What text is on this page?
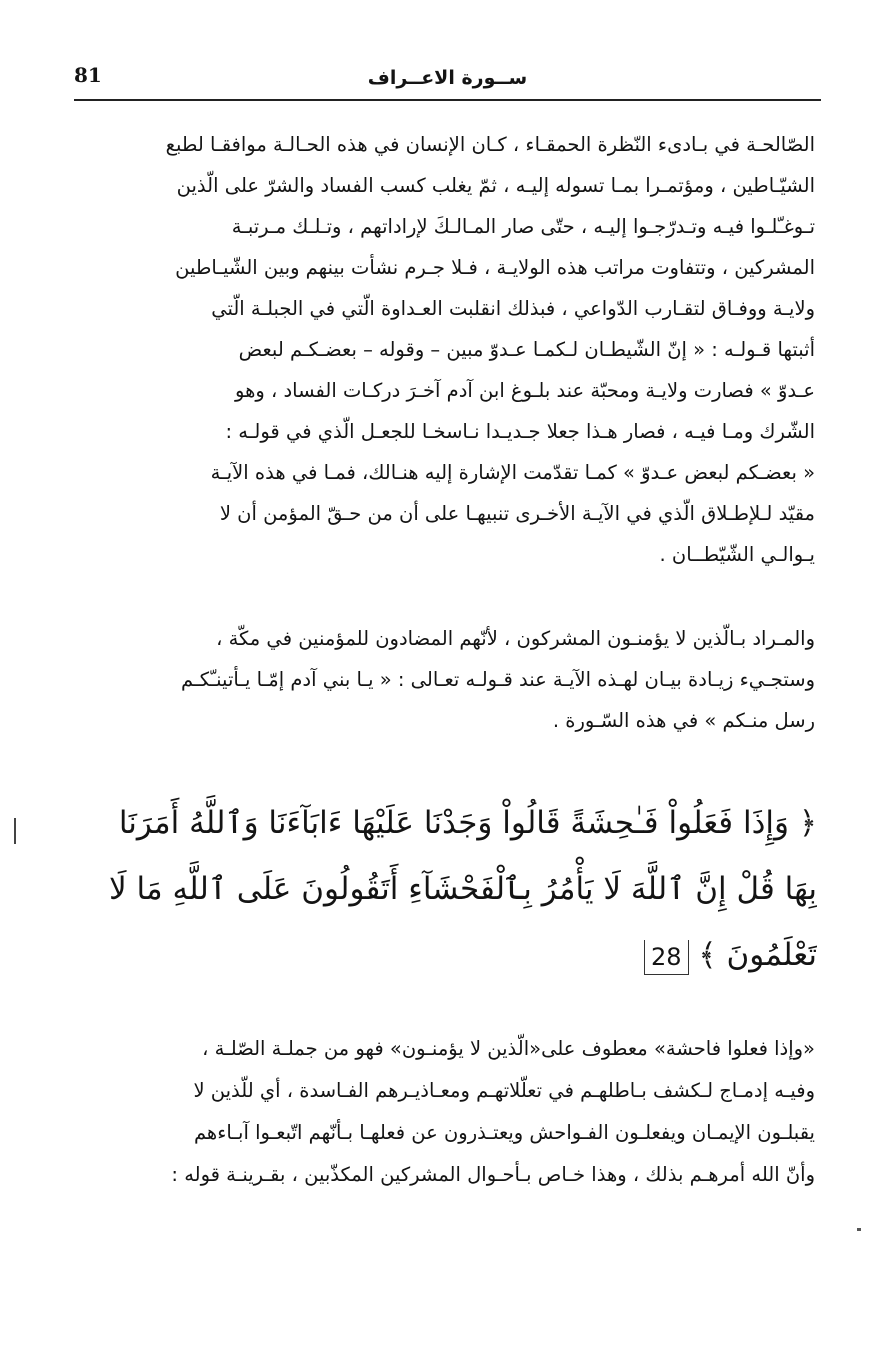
81	ســورة الاعــراف
الصّالحـة في بـادىء النّظرة الحمقـاء ، كـان الإنسان في هذه الحـالـة موافقـا لطبع
الشيّـاطين ، ومؤتمـرا بمـا تسوله إليـه ، ثمّ يغلب كسب الفساد والشرّ على الّذين
تـوغـّلـوا فيـه وتـدرّجـوا إليـه ، حتّى صار المـالـكَ لإراداتهم ، وتـلـك مـرتبـة
المشركين ، وتتفاوت مراتب هذه الولايـة ، فـلا جـرم نشأت بينهم وبين الشّيـاطين
ولايـة ووفـاق لتقـارب الدّواعي ، فبذلك انقلبت العـداوة الّتي في الجبلـة الّتي
أثبتها قـولـه : « إنّ الشّيطـان لـكمـا عـدوّ مبين – وقوله – بعضـكـم لبعض
عـدوّ » فصارت ولايـة ومحبّة عند بلـوغ ابن آدم آخـرَ دركـات الفساد ، وهو
الشّرك ومـا فيـه ، فصار هـذا جعلا جـديـدا نـاسخـا للجعـل الّذي في قولـه :
« بعضـكم لبعض عـدوّ » كمـا تقدّمت الإشارة إليه هنـالك، فمـا في هذه الآيـة
مقيّد لـلإطـلاق الّذي في الآيـة الأخـرى تنبيهـا على أن من حـقّ المؤمن أن لا
يـوالـي الشّيّطــان .
والمـراد بـالّذين لا يؤمنـون المشركون ، لأنّهم المضادون للمؤمنين في مكّة ،
وستجـيء زيـادة بيـان لهـذه الآيـة عند قـولـه تعـالى : « يـا بني آدم إمّـا يـأتينـّكـم
رسل منـكم » في هذه السّـورة .
﴿ وَإِذَا فَعَلُواْ فَـٰحِشَةً قَالُواْ وَجَدْنَا عَلَيْهَا ءَابَآءَنَا وَٱللَّهُ أَمَرَنَا
بِهَا قُلْ إِنَّ ٱللَّهَ لَا يَأْمُرُ بِٱلْفَحْشَآءِ أَتَقُولُونَ عَلَى ٱللَّهِ مَا لَا
تَعْلَمُونَ ﴾ 28
«وإذا فعلوا فاحشة» معطوف على«الّذين لا يؤمنـون» فهو من جملـة الصّلـة ،
وفيـه إدمـاج لـكشف بـاطلهـم في تعلّلاتهـم ومعـاذيـرهم الفـاسدة ، أي للّذين لا
يقبلـون الإيمـان ويفعلـون الفـواحش ويعتـذرون عن فعلهـا بـأنّهم اتّبعـوا آبـاءهم
وأنّ الله أمرهـم بذلك ، وهذا خـاص بـأحـوال المشركين المكذّبين ، بقـرينـة قوله :
